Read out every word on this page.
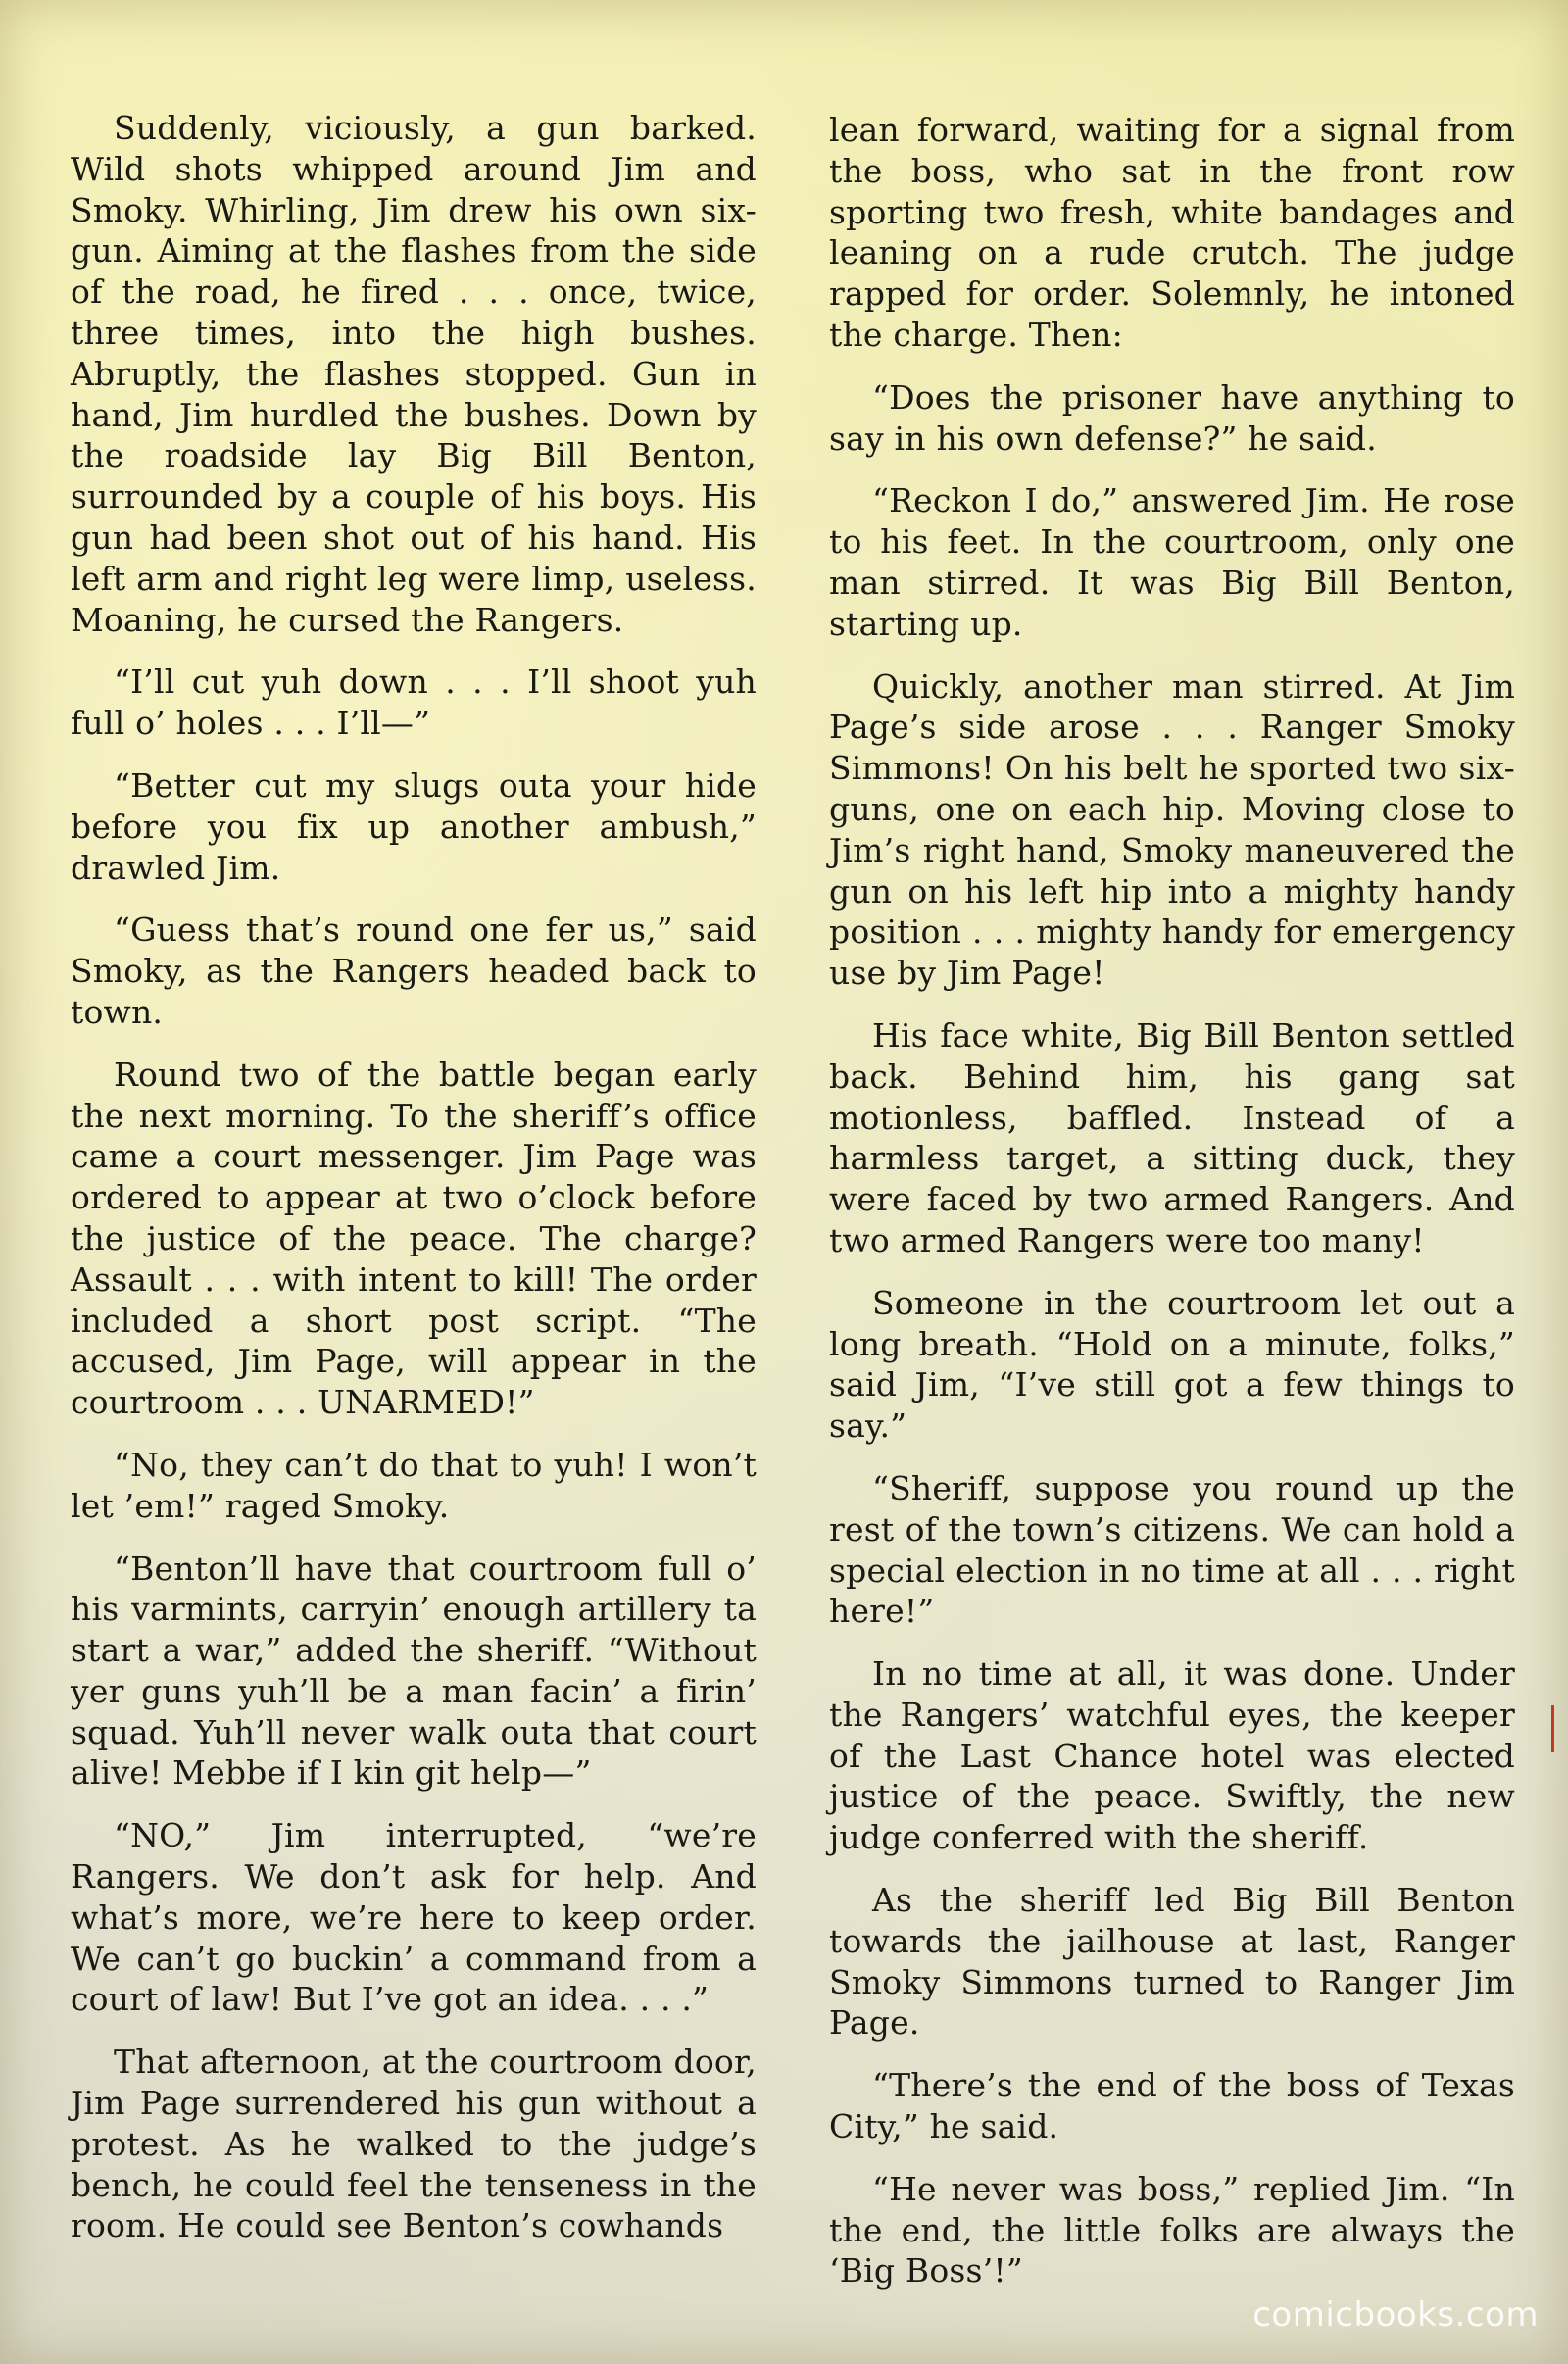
Suddenly, viciously, a gun barked. Wild shots whipped around Jim and Smoky. Whirling, Jim drew his own six-gun. Aiming at the flashes from the side of the road, he fired . . . once, twice, three times, into the high bushes. Abruptly, the flashes stopped. Gun in hand, Jim hurdled the bushes. Down by the roadside lay Big Bill Benton, surrounded by a couple of his boys. His gun had been shot out of his hand. His left arm and right leg were limp, useless. Moaning, he cursed the Rangers.

“I’ll cut yuh down . . . I’ll shoot yuh full o’ holes . . . I’ll—”

“Better cut my slugs outa your hide before you fix up another ambush,” drawled Jim.

“Guess that’s round one fer us,” said Smoky, as the Rangers headed back to town.

Round two of the battle began early the next morning. To the sheriff’s office came a court messenger. Jim Page was ordered to appear at two o’clock before the justice of the peace. The charge? Assault . . . with intent to kill! The order included a short post script. “The accused, Jim Page, will appear in the courtroom . . . UNARMED!”

“No, they can’t do that to yuh! I won’t let ’em!” raged Smoky.

“Benton’ll have that courtroom full o’ his varmints, carryin’ enough artillery ta start a war,” added the sheriff. “Without yer guns yuh’ll be a man facin’ a firin’ squad. Yuh’ll never walk outa that court alive! Mebbe if I kin git help—”

“NO,” Jim interrupted, “we’re Rangers. We don’t ask for help. And what’s more, we’re here to keep order. We can’t go buckin’ a command from a court of law! But I’ve got an idea. . . .”

That afternoon, at the courtroom door, Jim Page surrendered his gun without a protest. As he walked to the judge’s bench, he could feel the tenseness in the room. He could see Benton’s cowhands

lean forward, waiting for a signal from the boss, who sat in the front row sporting two fresh, white bandages and leaning on a rude crutch. The judge rapped for order. Solemnly, he intoned the charge. Then:

“Does the prisoner have anything to say in his own defense?” he said.

“Reckon I do,” answered Jim. He rose to his feet. In the courtroom, only one man stirred. It was Big Bill Benton, starting up.

Quickly, another man stirred. At Jim Page’s side arose . . . Ranger Smoky Simmons! On his belt he sported two six-guns, one on each hip. Moving close to Jim’s right hand, Smoky maneuvered the gun on his left hip into a mighty handy position . . . mighty handy for emergency use by Jim Page!

His face white, Big Bill Benton settled back. Behind him, his gang sat motionless, baffled. Instead of a harmless target, a sitting duck, they were faced by two armed Rangers. And two armed Rangers were too many!

Someone in the courtroom let out a long breath. “Hold on a minute, folks,” said Jim, “I’ve still got a few things to say.”

“Sheriff, suppose you round up the rest of the town’s citizens. We can hold a special election in no time at all . . . right here!”

In no time at all, it was done. Under the Rangers’ watchful eyes, the keeper of the Last Chance hotel was elected justice of the peace. Swiftly, the new judge conferred with the sheriff.

As the sheriff led Big Bill Benton towards the jailhouse at last, Ranger Smoky Simmons turned to Ranger Jim Page.

“There’s the end of the boss of Texas City,” he said.

“He never was boss,” replied Jim. “In the end, the little folks are always the ‘Big Boss’!”

comicbooks.com
